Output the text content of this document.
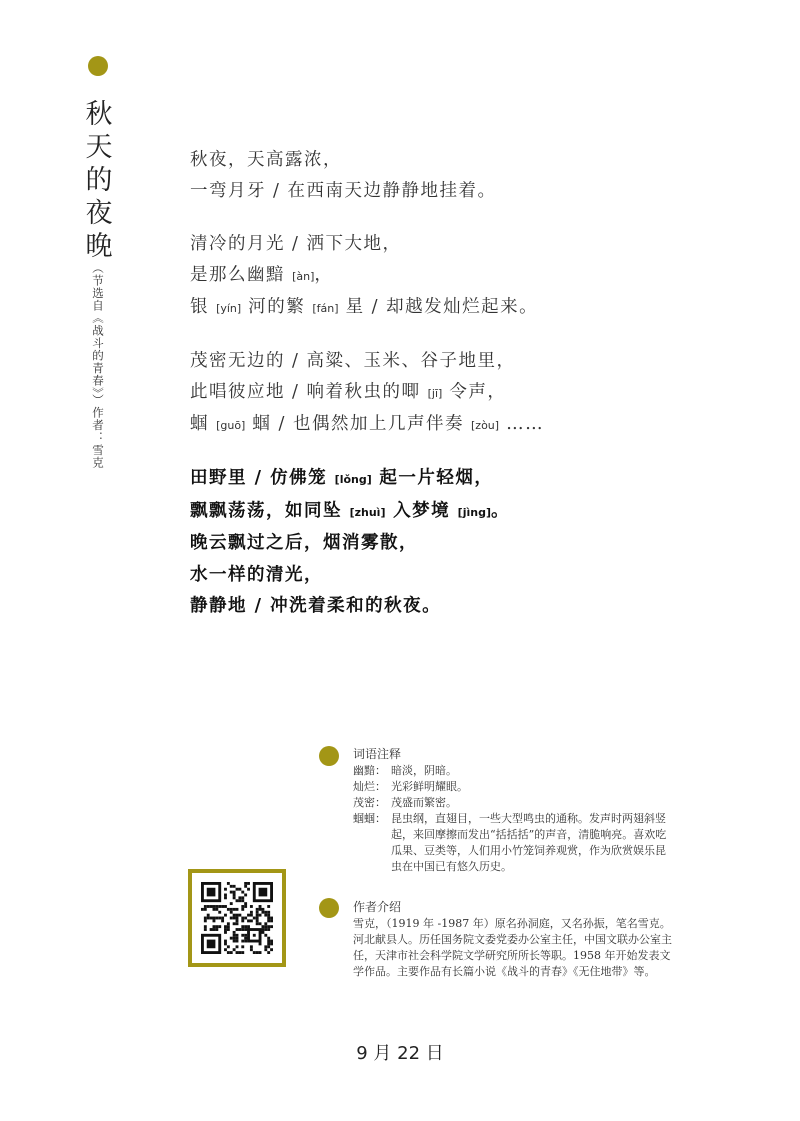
秋
天
的
夜
晚
（节选自《战斗的青春》）作者：雪克
秋夜，天高露浓，
一弯月牙 / 在西南天边静静地挂着。
清冷的月光 / 洒下大地，
是那么幽黯 [àn]，
银 [yín] 河的繁 [fán] 星 / 却越发灿烂起来。
茂密无边的 / 高粱、玉米、谷子地里，
此唱彼应地 / 响着秋虫的唧 [jī] 令声，
蝈 [guō] 蝈 / 也偶然加上几声伴奏 [zòu] ……
田野里 / 仿佛笼 [lǒng] 起一片轻烟，
飘飘荡荡，如同坠 [zhuì] 入梦境 [jìng]。
晚云飘过之后，烟消雾散，
水一样的清光，
静静地 / 冲洗着柔和的秋夜。
词语注释
幽黯： 暗淡，阴暗。
灿烂： 光彩鲜明耀眼。
茂密： 茂盛而繁密。
蝈蝈： 昆虫纲，直翅目，一些大型鸣虫的通称。发声时两翅斜竖起，来回摩擦而发出“括括括”的声音，清脆响亮。喜欢吃瓜果、豆类等，人们用小竹笼饲养观赏，作为欣赏娱乐昆虫在中国已有悠久历史。
作者介绍
雪克，（1919 年 -1987 年）原名孙洞庭，又名孙振，笔名雪克。河北献县人。历任国务院文委党委办公室主任，中国文联办公室主任，天津市社会科学院文学研究所所长等职。1958 年开始发表文学作品。主要作品有长篇小说《战斗的青春》《无住地带》等。
9 月 22 日
